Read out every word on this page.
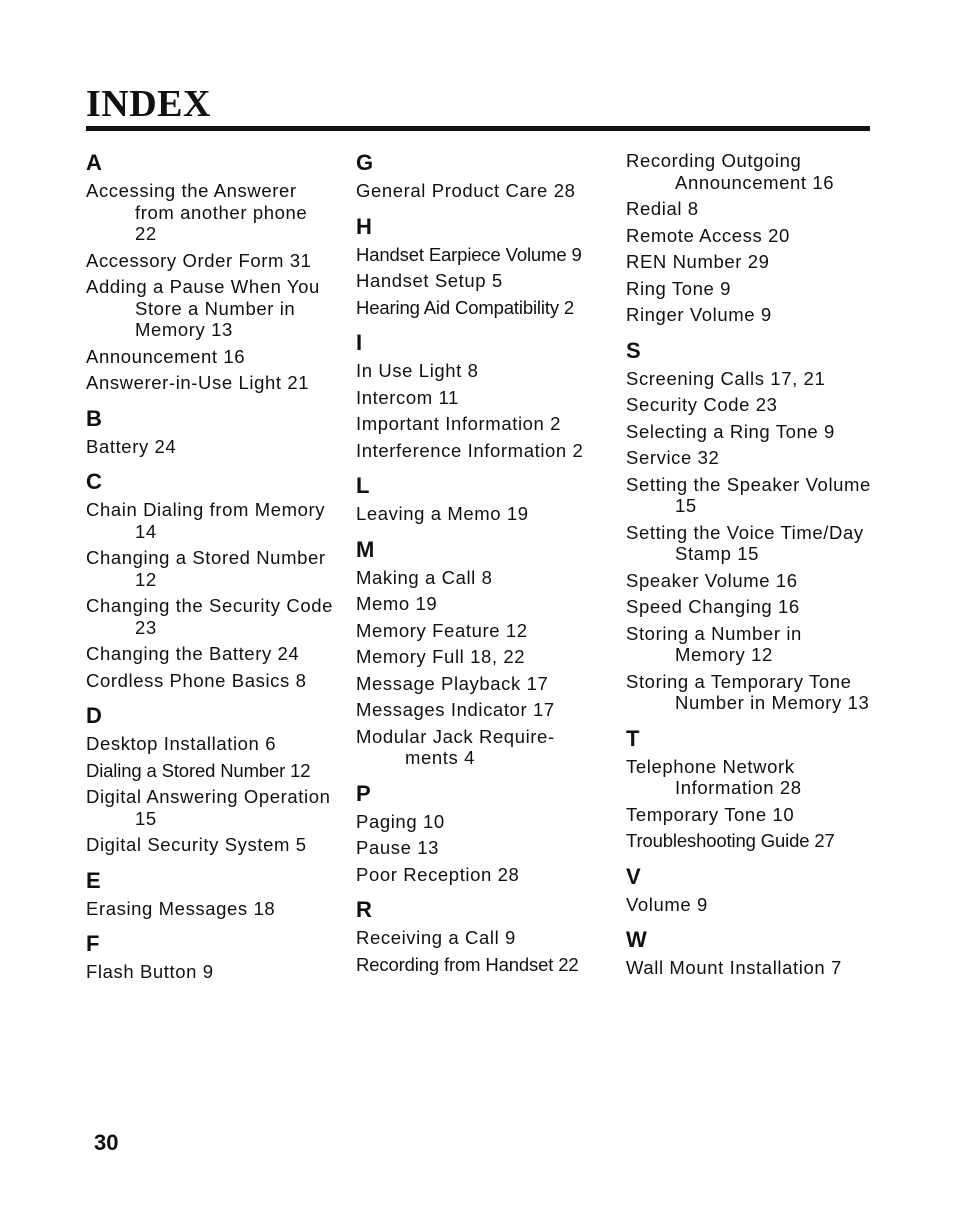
INDEX
A
Accessing the Answerer from another phone 22
Accessory Order Form 31
Adding a Pause When You Store a Number in Memory 13
Announcement 16
Answerer-in-Use Light 21
B
Battery 24
C
Chain Dialing from Memory 14
Changing a Stored Number 12
Changing the Security Code 23
Changing the Battery 24
Cordless Phone Basics 8
D
Desktop Installation 6
Dialing a Stored Number 12
Digital Answering Operation 15
Digital Security System 5
E
Erasing Messages 18
F
Flash Button 9
G
General Product Care 28
H
Handset Earpiece Volume 9
Handset Setup 5
Hearing Aid Compatibility 2
I
In Use Light 8
Intercom 11
Important Information 2
Interference Information 2
L
Leaving a Memo 19
M
Making a Call 8
Memo 19
Memory Feature 12
Memory Full 18, 22
Message Playback 17
Messages Indicator 17
Modular Jack Require-ments 4
P
Paging 10
Pause 13
Poor Reception 28
R
Receiving a Call 9
Recording from Handset 22
Recording Outgoing Announcement 16
Redial 8
Remote Access 20
REN Number 29
Ring Tone 9
Ringer Volume 9
S
Screening Calls 17, 21
Security Code 23
Selecting a Ring Tone 9
Service 32
Setting the Speaker Volume 15
Setting the Voice Time/Day Stamp 15
Speaker Volume 16
Speed Changing 16
Storing a Number in Memory 12
Storing a Temporary Tone Number in Memory 13
T
Telephone Network Information 28
Temporary Tone 10
Troubleshooting Guide 27
V
Volume 9
W
Wall Mount Installation 7
30
